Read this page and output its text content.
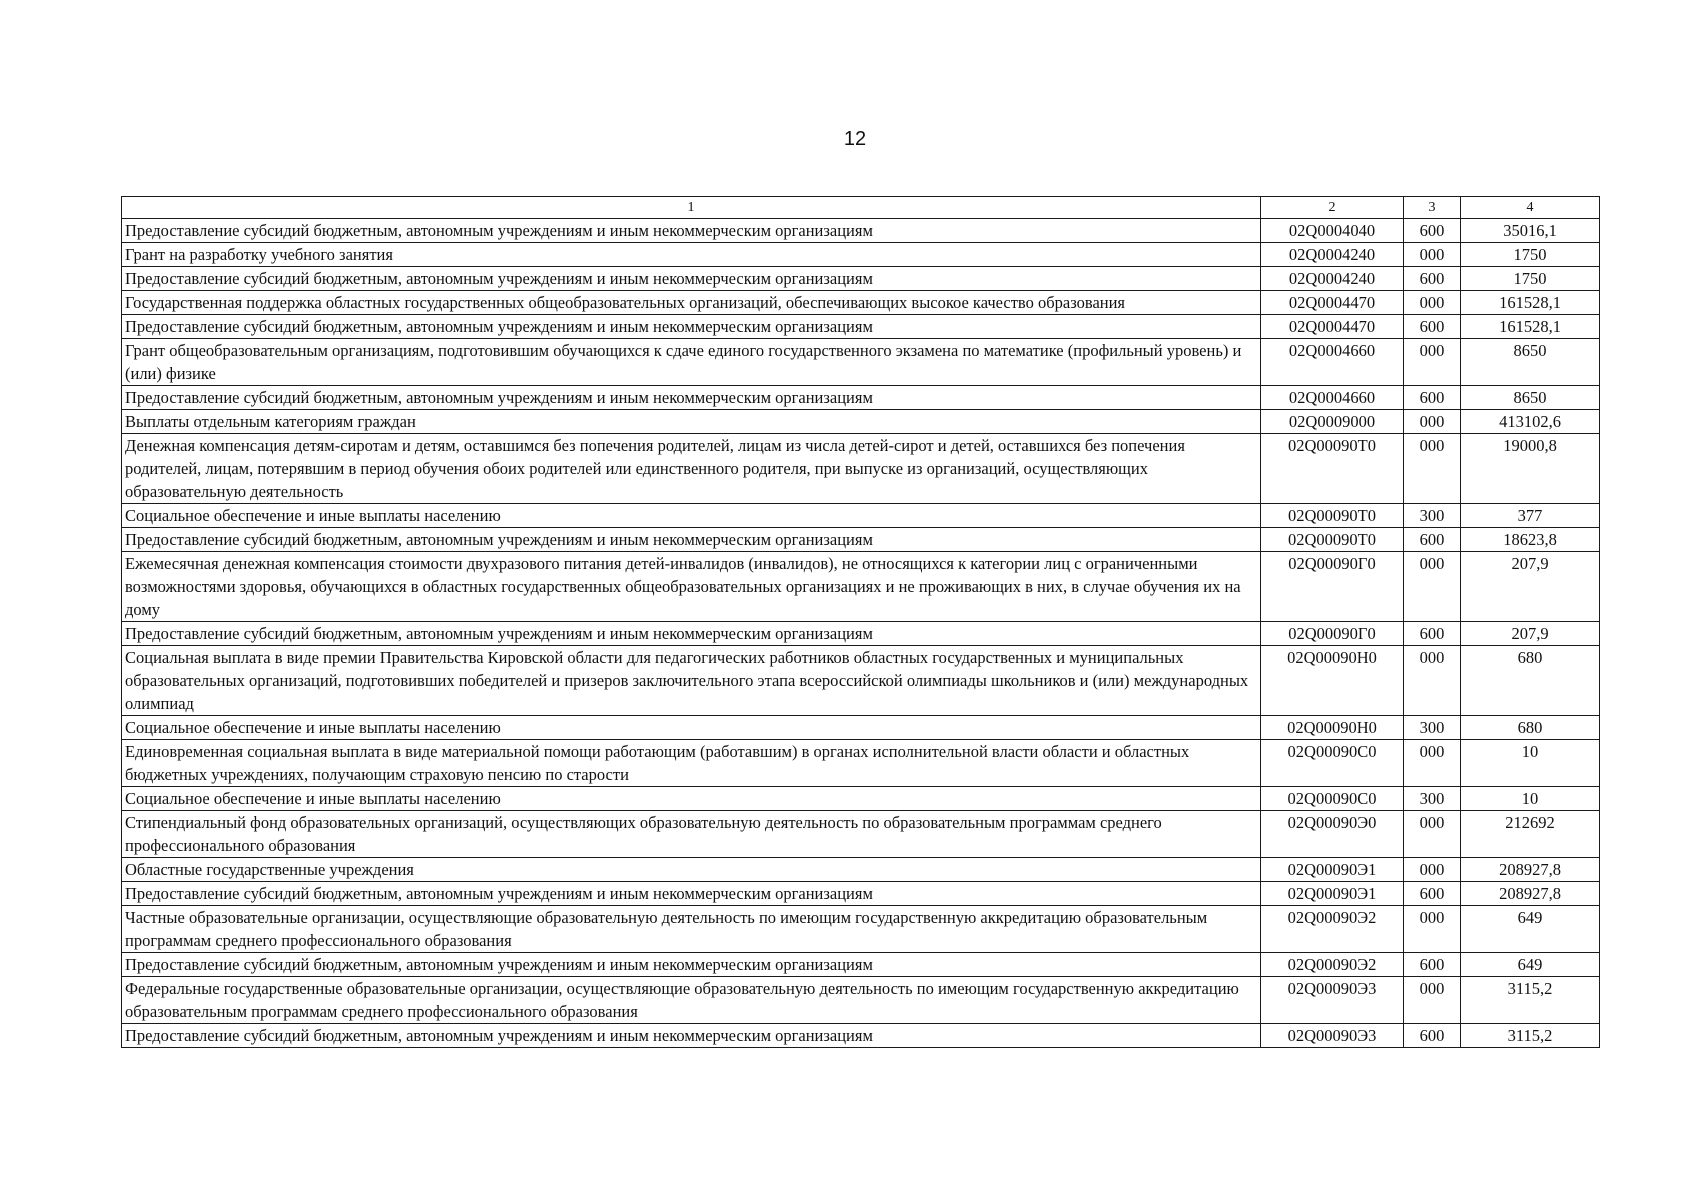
12
1	2	3	4
Предоставление субсидий бюджетным, автономным учреждениям и иным некоммерческим организациям	02Q0004040	600	35016,1
Грант на разработку учебного занятия	02Q0004240	000	1750
Предоставление субсидий бюджетным, автономным учреждениям и иным некоммерческим организациям	02Q0004240	600	1750
Государственная поддержка областных государственных общеобразовательных организаций, обеспечивающих высокое качество образования	02Q0004470	000	161528,1
Предоставление субсидий бюджетным, автономным учреждениям и иным некоммерческим организациям	02Q0004470	600	161528,1
Грант общеобразовательным организациям, подготовившим обучающихся к сдаче единого государственного экзамена по математике (профильный уровень) и (или) физике	02Q0004660	000	8650
Предоставление субсидий бюджетным, автономным учреждениям и иным некоммерческим организациям	02Q0004660	600	8650
Выплаты отдельным категориям граждан	02Q0009000	000	413102,6
Денежная компенсация детям-сиротам и детям, оставшимся без попечения родителей, лицам из числа детей-сирот и детей, оставшихся без попечения родителей, лицам, потерявшим в период обучения обоих родителей или единственного родителя, при выпуске из организаций, осуществляющих образовательную деятельность	02Q00090Т0	000	19000,8
Социальное обеспечение и иные выплаты населению	02Q00090Т0	300	377
Предоставление субсидий бюджетным, автономным учреждениям и иным некоммерческим организациям	02Q00090Т0	600	18623,8
Ежемесячная денежная компенсация стоимости двухразового питания детей-инвалидов (инвалидов), не относящихся к категории лиц с ограниченными возможностями здоровья, обучающихся в областных государственных общеобразовательных организациях и не проживающих в них, в случае обучения их на дому	02Q00090Г0	000	207,9
Предоставление субсидий бюджетным, автономным учреждениям и иным некоммерческим организациям	02Q00090Г0	600	207,9
Социальная выплата в виде премии Правительства Кировской области для педагогических работников областных государственных и муниципальных образовательных организаций, подготовивших победителей и призеров заключительного этапа всероссийской олимпиады школьников и (или) международных олимпиад	02Q00090Н0	000	680
Социальное обеспечение и иные выплаты населению	02Q00090Н0	300	680
Единовременная социальная выплата в виде материальной помощи работающим (работавшим) в органах исполнительной власти области и областных бюджетных учреждениях, получающим страховую пенсию по старости	02Q00090С0	000	10
Социальное обеспечение и иные выплаты населению	02Q00090С0	300	10
Стипендиальный фонд образовательных организаций, осуществляющих образовательную деятельность по образовательным программам среднего профессионального образования	02Q00090Э0	000	212692
Областные государственные учреждения	02Q00090Э1	000	208927,8
Предоставление субсидий бюджетным, автономным учреждениям и иным некоммерческим организациям	02Q00090Э1	600	208927,8
Частные образовательные организации, осуществляющие образовательную деятельность по имеющим государственную аккредитацию образовательным программам среднего профессионального образования	02Q00090Э2	000	649
Предоставление субсидий бюджетным, автономным учреждениям и иным некоммерческим организациям	02Q00090Э2	600	649
Федеральные государственные образовательные организации, осуществляющие образовательную деятельность по имеющим государственную аккредитацию образовательным программам среднего профессионального образования	02Q00090Э3	000	3115,2
Предоставление субсидий бюджетным, автономным учреждениям и иным некоммерческим организациям	02Q00090Э3	600	3115,2
